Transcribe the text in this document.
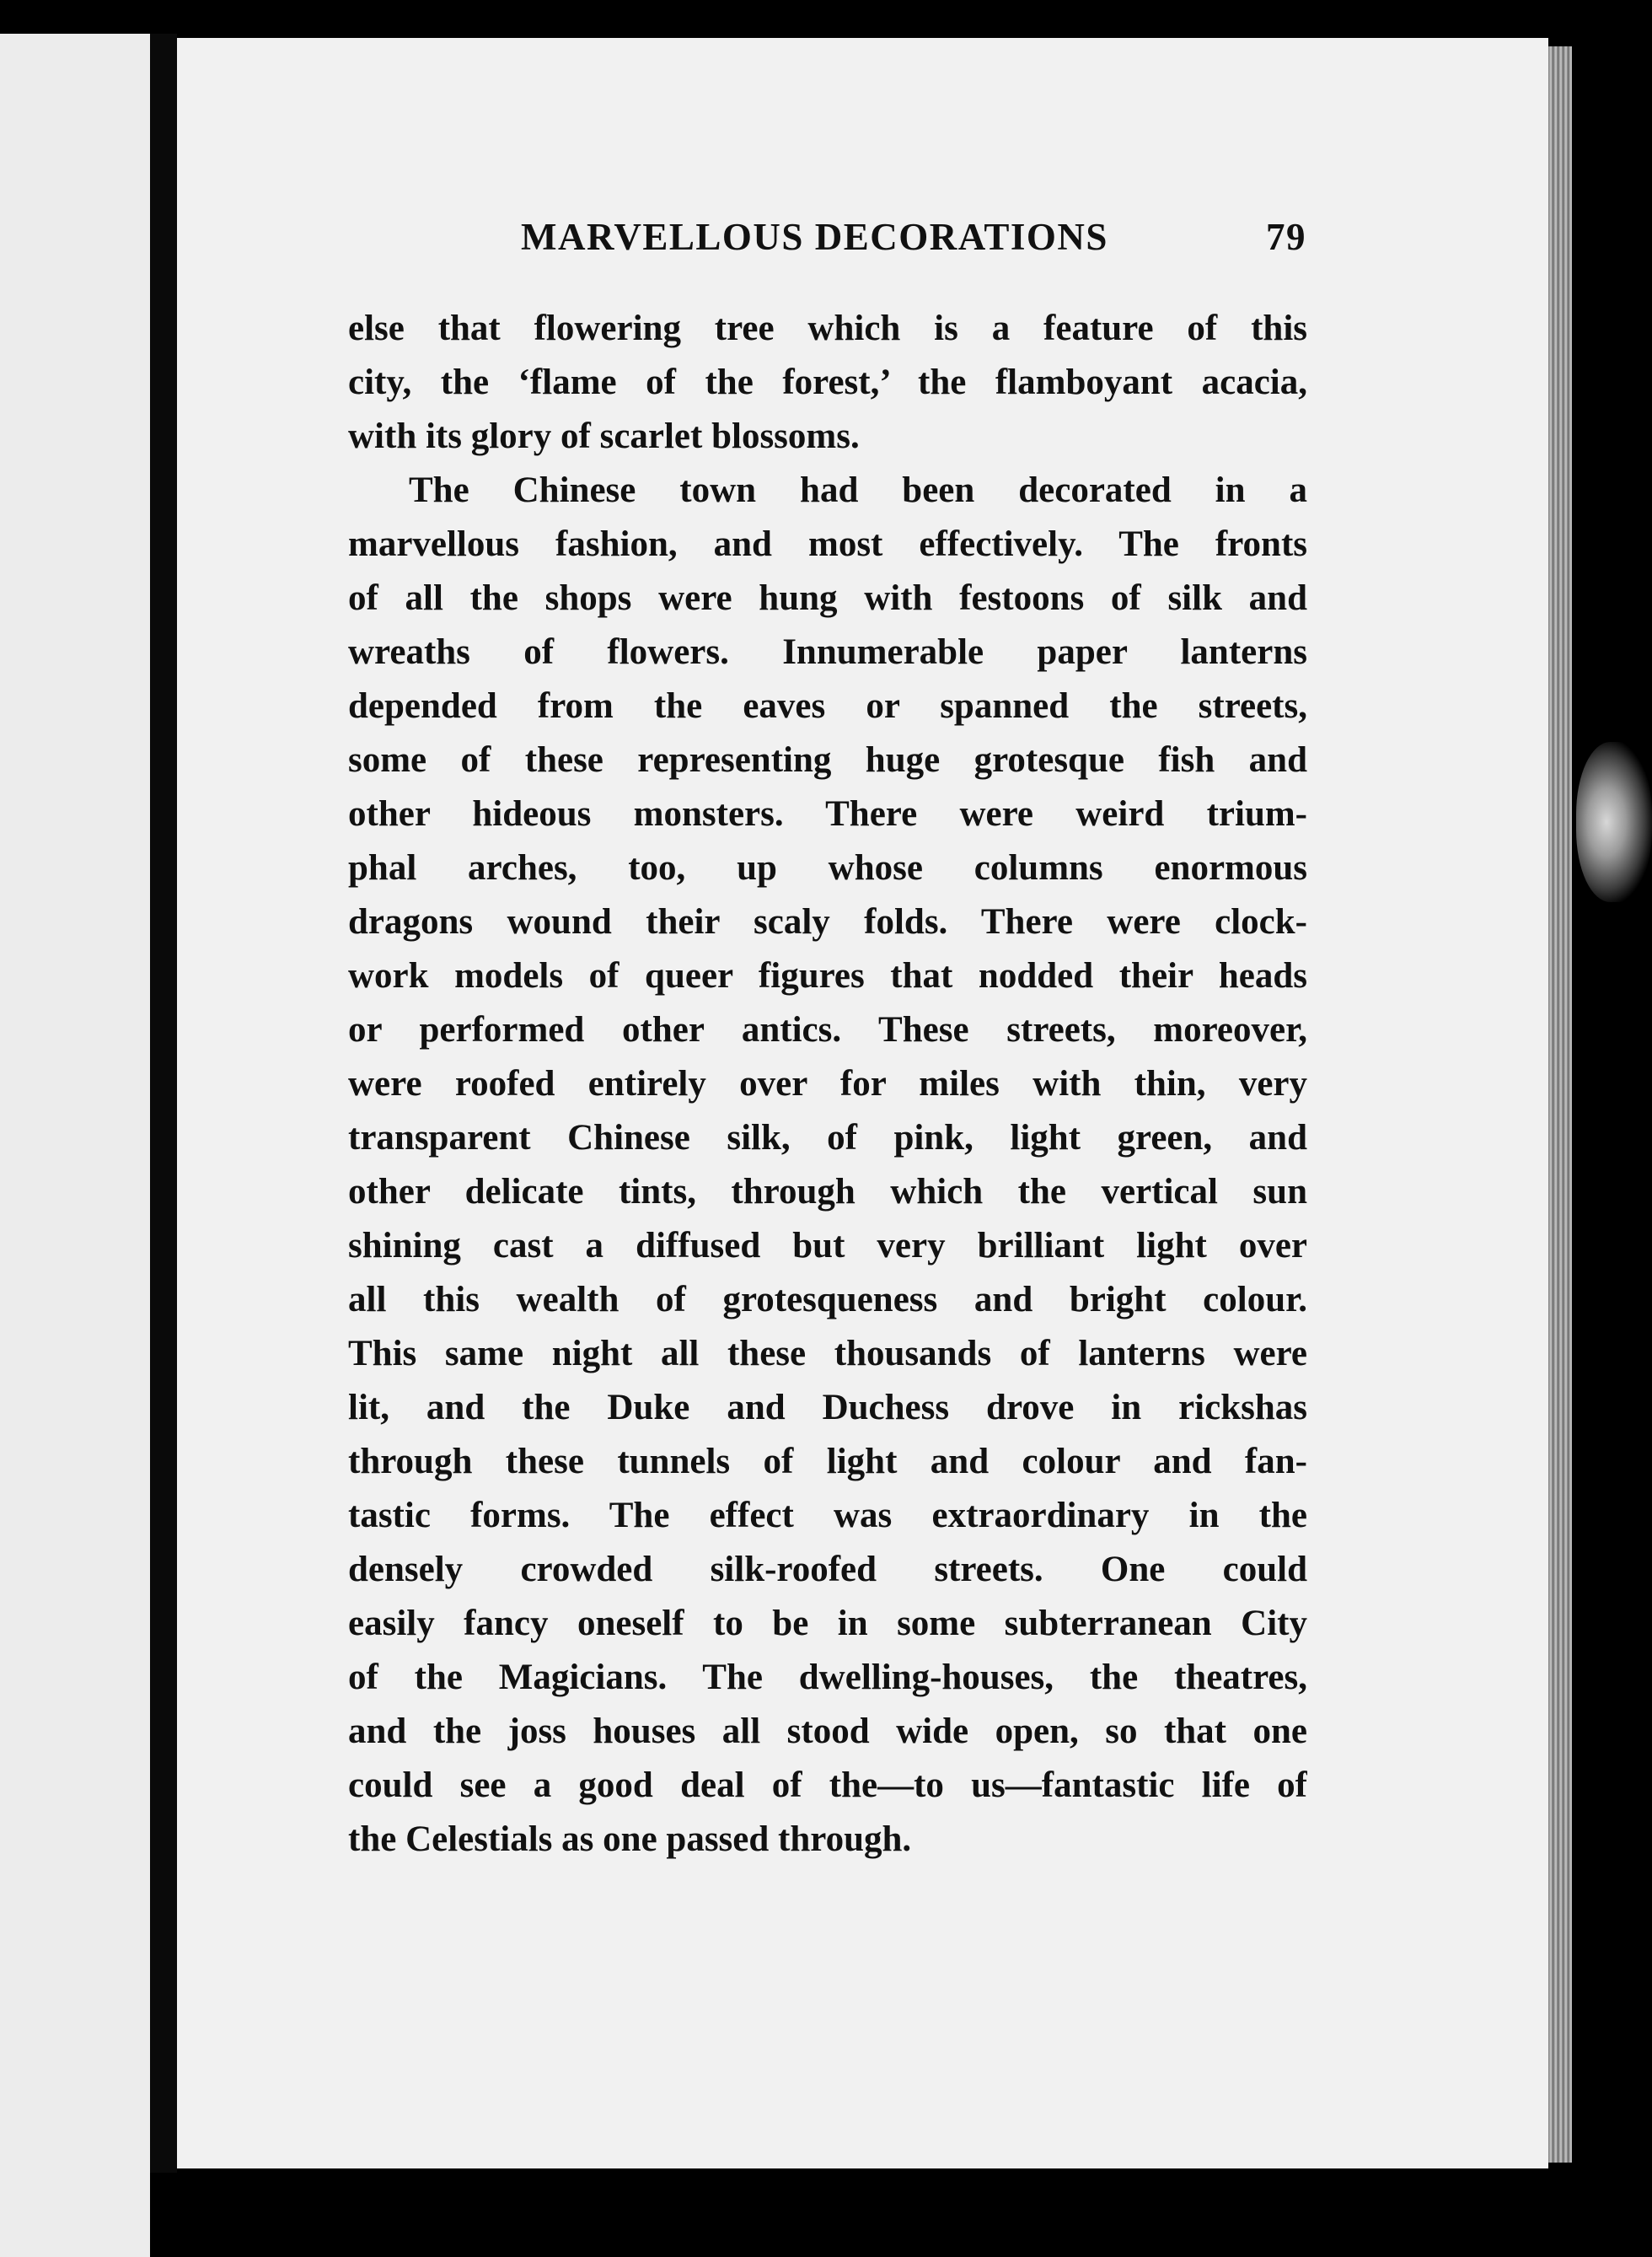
MARVELLOUS DECORATIONS	79
else that flowering tree which is a feature of this
city, the ‘flame of the forest,’ the flamboyant acacia,
with its glory of scarlet blossoms.
The Chinese town had been decorated in a
marvellous fashion, and most effectively. The fronts
of all the shops were hung with festoons of silk and
wreaths of flowers. Innumerable paper lanterns
depended from the eaves or spanned the streets,
some of these representing huge grotesque fish and
other hideous monsters. There were weird trium-
phal arches, too, up whose columns enormous
dragons wound their scaly folds. There were clock-
work models of queer figures that nodded their heads
or performed other antics. These streets, moreover,
were roofed entirely over for miles with thin, very
transparent Chinese silk, of pink, light green, and
other delicate tints, through which the vertical sun
shining cast a diffused but very brilliant light over
all this wealth of grotesqueness and bright colour.
This same night all these thousands of lanterns were
lit, and the Duke and Duchess drove in rickshas
through these tunnels of light and colour and fan-
tastic forms. The effect was extraordinary in the
densely crowded silk-roofed streets. One could
easily fancy oneself to be in some subterranean City
of the Magicians. The dwelling-houses, the theatres,
and the joss houses all stood wide open, so that one
could see a good deal of the—to us—fantastic life of
the Celestials as one passed through.
